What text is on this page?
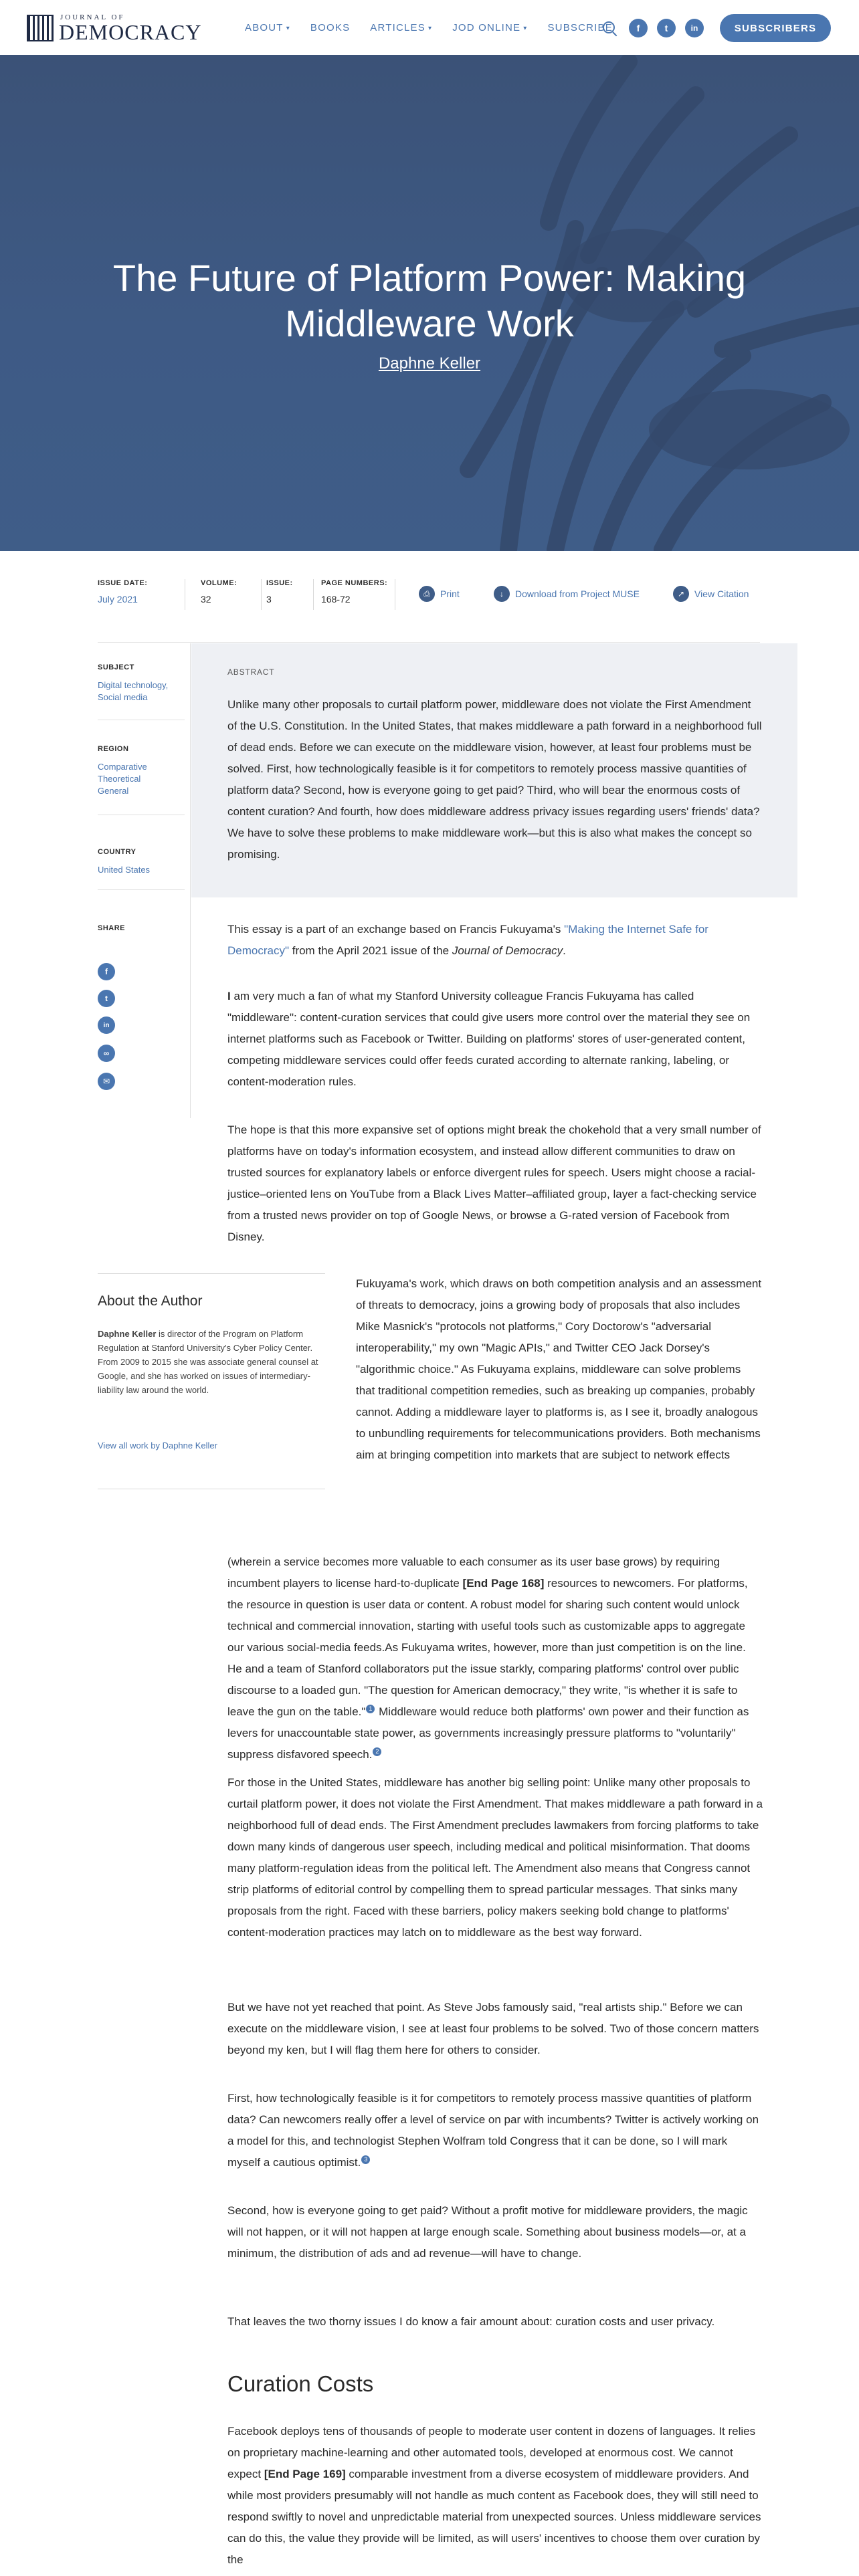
JOURNAL OF
DEMOCRACY	ABOUT ▾ BOOKS ARTICLES ▾ JOD ONLINE ▾ SUBSCRIBE	f	t	in	SUBSCRIBERS
The Future of Platform Power: Making Middleware Work
Daphne Keller
ISSUE DATE:
July 2021
VOLUME:
32
ISSUE:
3
PAGE NUMBERS:
168-72
⎙	Print	↓	Download from Project MUSE	↗	View Citation
SUBJECT
Digital technology,
Social media
REGION
Comparative
Theoretical
General
COUNTRY
United States
SHARE
f
t
in
∞
✉
ABSTRACT
Unlike many other proposals to curtail platform power, middleware does not violate the First Amendment of the U.S. Constitution. In the United States, that makes middleware a path forward in a neighborhood full of dead ends. Before we can execute on the middleware vision, however, at least four problems must be solved. First, how technologically feasible is it for competitors to remotely process massive quantities of platform data? Second, how is everyone going to get paid? Third, who will bear the enormous costs of content curation? And fourth, how does middleware address privacy issues regarding users' friends' data? We have to solve these problems to make middleware work—but this is also what makes the concept so promising.

This essay is a part of an exchange based on Francis Fukuyama's "Making the Internet Safe for Democracy" from the April 2021 issue of the Journal of Democracy.

I am very much a fan of what my Stanford University colleague Francis Fukuyama has called "middleware": content-curation services that could give users more control over the material they see on internet platforms such as Facebook or Twitter. Building on platforms' stores of user-generated content, competing middleware services could offer feeds curated according to alternate ranking, labeling, or content-moderation rules.

The hope is that this more expansive set of options might break the chokehold that a very small number of platforms have on today's information ecosystem, and instead allow different communities to draw on trusted sources for explanatory labels or enforce divergent rules for speech. Users might choose a racial-justice–oriented lens on YouTube from a Black Lives Matter–affiliated group, layer a fact-checking service from a trusted news provider on top of Google News, or browse a G-rated version of Facebook from Disney.

About the Author
Daphne Keller is director of the Program on Platform Regulation at Stanford University's Cyber Policy Center. From 2009 to 2015 she was associate general counsel at Google, and she has worked on issues of intermediary-liability law around the world.
View all work by Daphne Keller

Fukuyama's work, which draws on both competition analysis and an assessment of threats to democracy, joins a growing body of proposals that also includes Mike Masnick's "protocols not platforms," Cory Doctorow's "adversarial interoperability," my own "Magic APIs," and Twitter CEO Jack Dorsey's "algorithmic choice." As Fukuyama explains, middleware can solve problems that traditional competition remedies, such as breaking up companies, probably cannot. Adding a middleware layer to platforms is, as I see it, broadly analogous to unbundling requirements for telecommunications providers. Both mechanisms aim at bringing competition into markets that are subject to network effects

(wherein a service becomes more valuable to each consumer as its user base grows) by requiring incumbent players to license hard-to-duplicate [End Page 168] resources to newcomers. For platforms, the resource in question is user data or content. A robust model for sharing such content would unlock technical and commercial innovation, starting with useful tools such as customizable apps to aggregate our various social-media feeds.As Fukuyama writes, however, more than just competition is on the line. He and a team of Stanford collaborators put the issue starkly, comparing platforms' control over public discourse to a loaded gun. "The question for American democracy," they write, "is whether it is safe to leave the gun on the table." 1 Middleware would reduce both platforms' own power and their function as levers for unaccountable state power, as governments increasingly pressure platforms to "voluntarily" suppress disfavored speech. 2

For those in the United States, middleware has another big selling point: Unlike many other proposals to curtail platform power, it does not violate the First Amendment. That makes middleware a path forward in a neighborhood full of dead ends. The First Amendment precludes lawmakers from forcing platforms to take down many kinds of dangerous user speech, including medical and political misinformation. That dooms many platform-regulation ideas from the political left. The Amendment also means that Congress cannot strip platforms of editorial control by compelling them to spread particular messages. That sinks many proposals from the right. Faced with these barriers, policy makers seeking bold change to platforms' content-moderation practices may latch on to middleware as the best way forward.

But we have not yet reached that point. As Steve Jobs famously said, "real artists ship." Before we can execute on the middleware vision, I see at least four problems to be solved. Two of those concern matters beyond my ken, but I will flag them here for others to consider.

First, how technologically feasible is it for competitors to remotely process massive quantities of platform data? Can newcomers really offer a level of service on par with incumbents? Twitter is actively working on a model for this, and technologist Stephen Wolfram told Congress that it can be done, so I will mark myself a cautious optimist. 3

Second, how is everyone going to get paid? Without a profit motive for middleware providers, the magic will not happen, or it will not happen at large enough scale. Something about business models—or, at a minimum, the distribution of ads and ad revenue—will have to change.

That leaves the two thorny issues I do know a fair amount about: curation costs and user privacy.

Curation Costs

Facebook deploys tens of thousands of people to moderate user content in dozens of languages. It relies on proprietary machine-learning and other automated tools, developed at enormous cost. We cannot expect [End Page 169] comparable investment from a diverse ecosystem of middleware providers. And while most providers presumably will not handle as much content as Facebook does, they will still need to respond swiftly to novel and unpredictable material from unexpected sources. Unless middleware services can do this, the value they provide will be limited, as will users' incentives to choose them over curation by the
